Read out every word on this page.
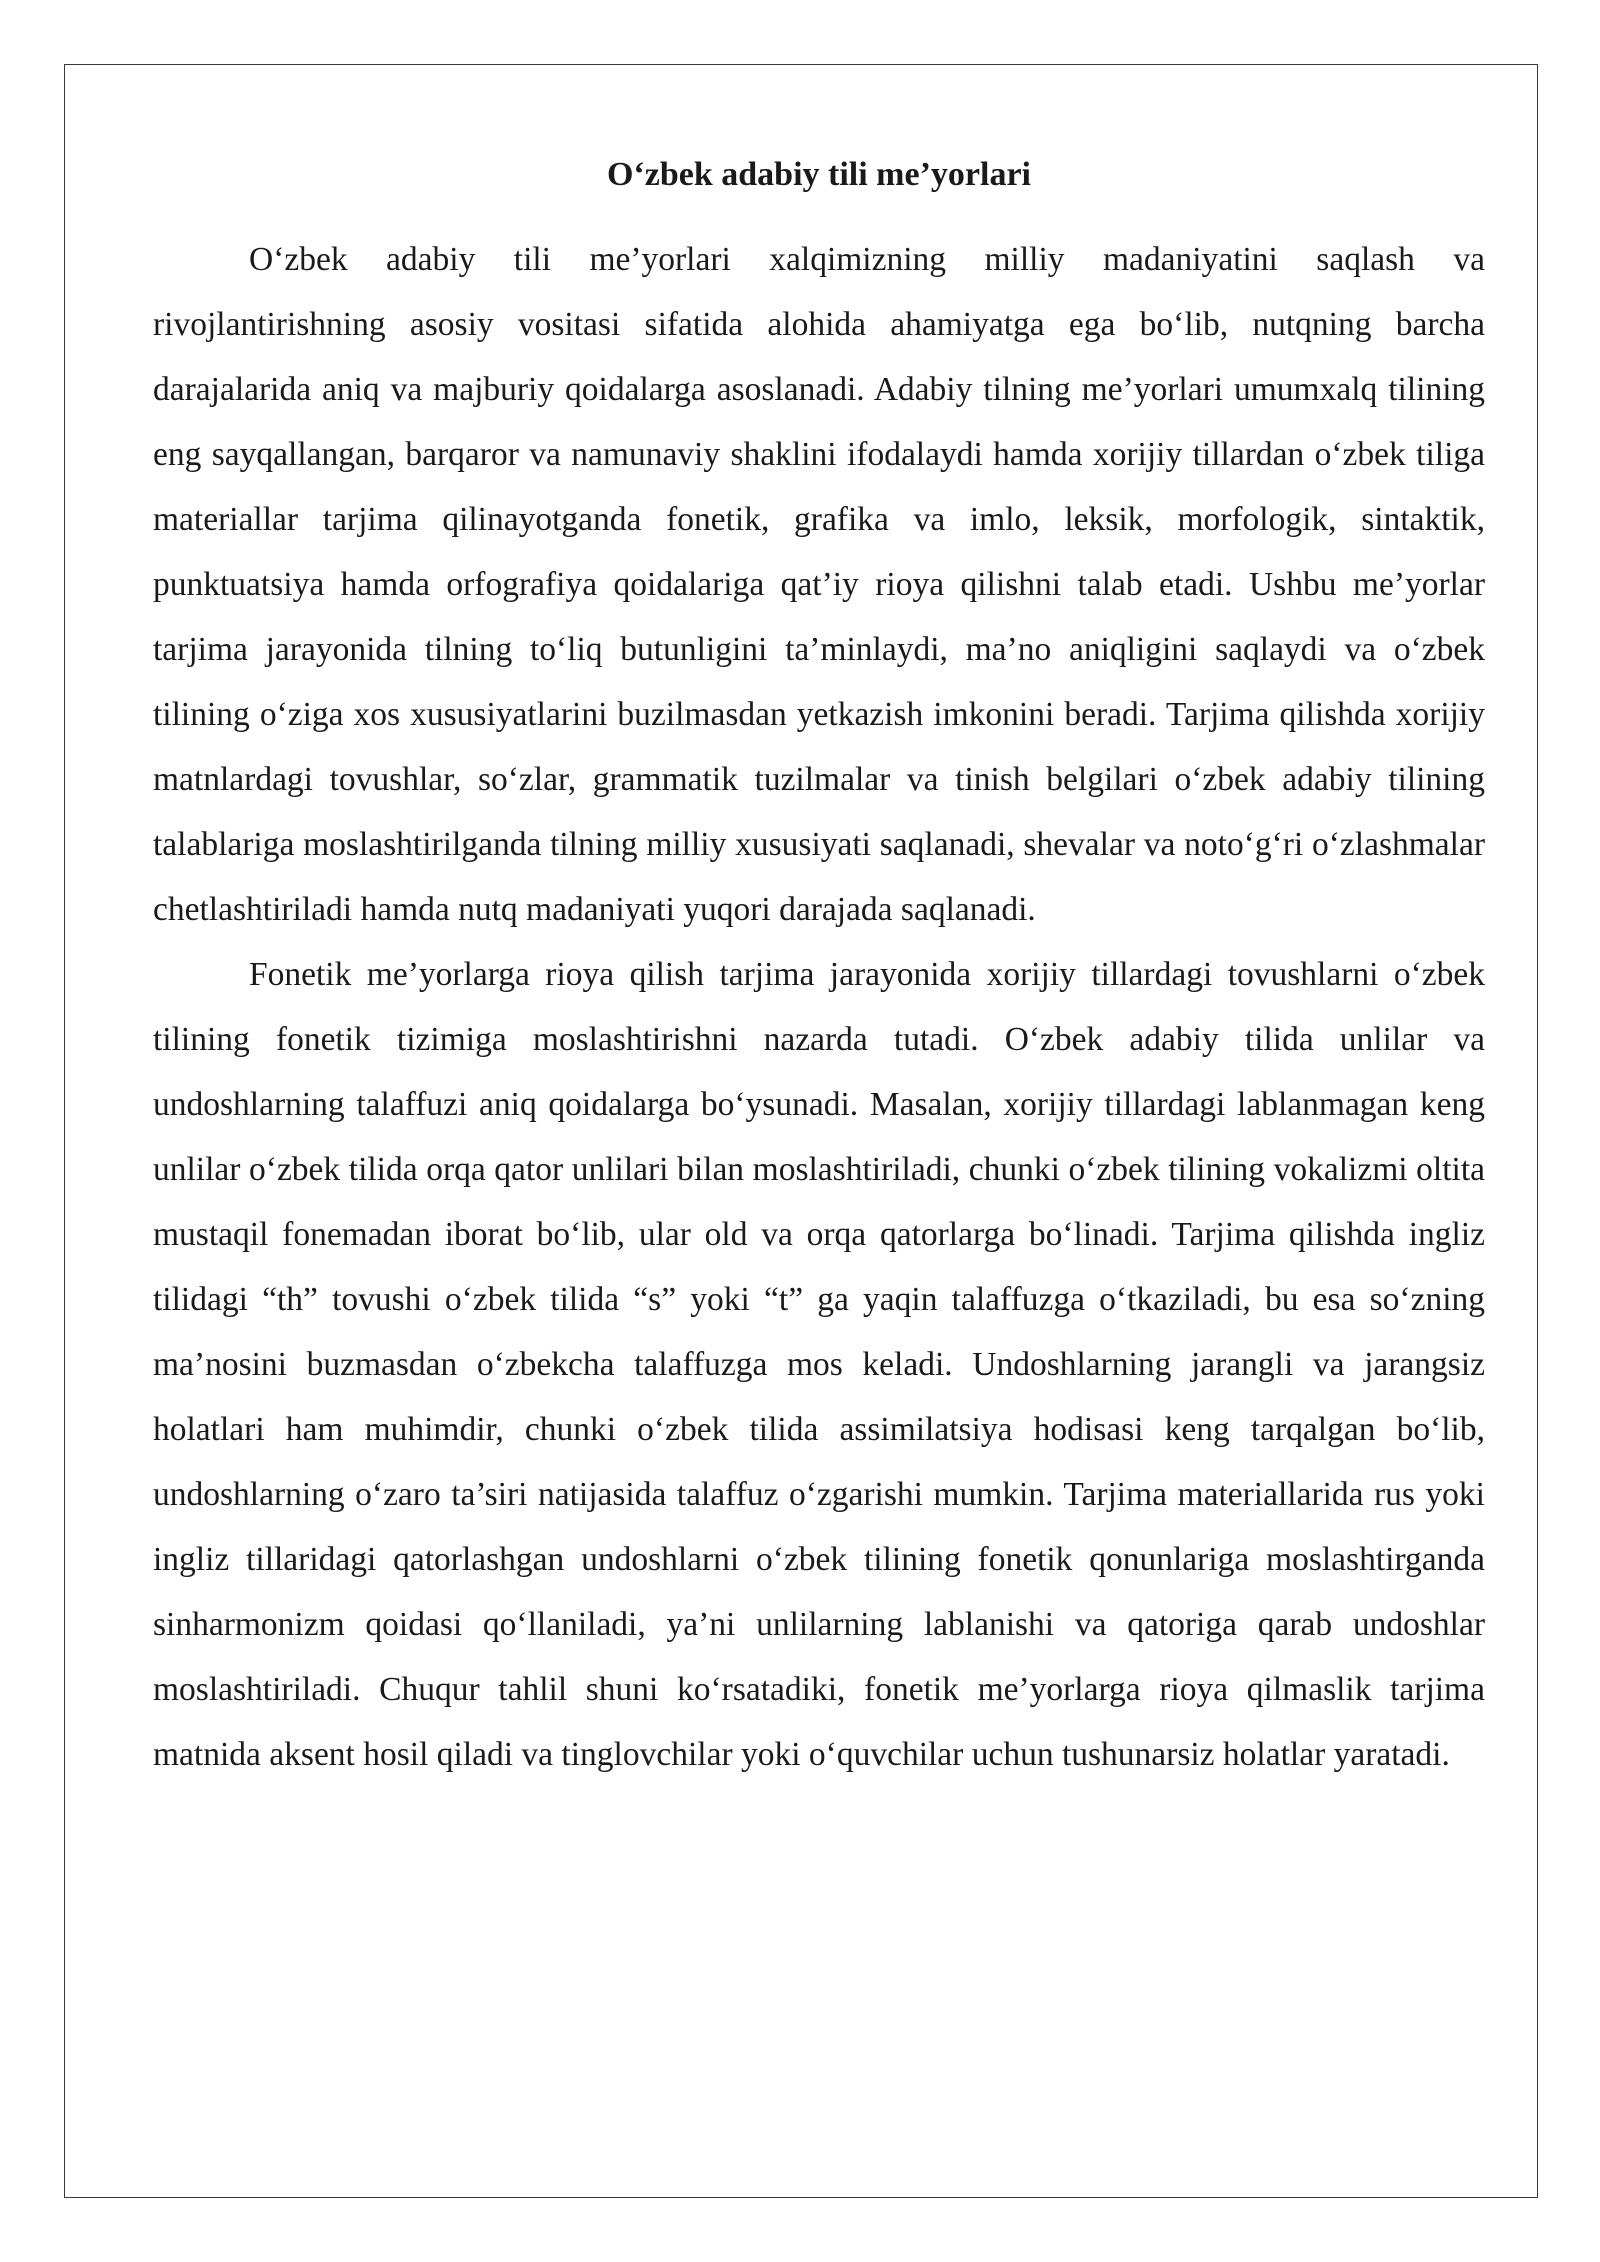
O‘zbek adabiy tili me’yorlari

O‘zbek adabiy tili me’yorlari xalqimizning milliy madaniyatini saqlash va rivojlantirishning asosiy vositasi sifatida alohida ahamiyatga ega bo‘lib, nutqning barcha darajalarida aniq va majburiy qoidalarga asoslanadi. Adabiy tilning me’yorlari umumxalq tilining eng sayqallangan, barqaror va namunaviy shaklini ifodalaydi hamda xorijiy tillardan o‘zbek tiliga materiallar tarjima qilinayotganda fonetik, grafika va imlo, leksik, morfologik, sintaktik, punktuatsiya hamda orfografiya qoidalariga qat’iy rioya qilishni talab etadi. Ushbu me’yorlar tarjima jarayonida tilning to‘liq butunligini ta’minlaydi, ma’no aniqligini saqlaydi va o‘zbek tilining o‘ziga xos xususiyatlarini buzilmasdan yetkazish imkonini beradi. Tarjima qilishda xorijiy matnlardagi tovushlar, so‘zlar, grammatik tuzilmalar va tinish belgilari o‘zbek adabiy tilining talablariga moslashtirilganda tilning milliy xususiyati saqlanadi, shevalar va noto‘g‘ri o‘zlashmalar chetlashtiriladi hamda nutq madaniyati yuqori darajada saqlanadi.

Fonetik me’yorlarga rioya qilish tarjima jarayonida xorijiy tillardagi tovushlarni o‘zbek tilining fonetik tizimiga moslashtirishni nazarda tutadi. O‘zbek adabiy tilida unlilar va undoshlarning talaffuzi aniq qoidalarga bo‘ysunadi. Masalan, xorijiy tillardagi lablanmagan keng unlilar o‘zbek tilida orqa qator unlilari bilan moslashtiriladi, chunki o‘zbek tilining vokalizmi oltita mustaqil fonemadan iborat bo‘lib, ular old va orqa qatorlarga bo‘linadi. Tarjima qilishda ingliz tilidagi “th” tovushi o‘zbek tilida “s” yoki “t” ga yaqin talaffuzga o‘tkaziladi, bu esa so‘zning ma’nosini buzmasdan o‘zbekcha talaffuzga mos keladi. Undoshlarning jarangli va jarangsiz holatlari ham muhimdir, chunki o‘zbek tilida assimilatsiya hodisasi keng tarqalgan bo‘lib, undoshlarning o‘zaro ta’siri natijasida talaffuz o‘zgarishi mumkin. Tarjima materiallarida rus yoki ingliz tillaridagi qatorlashgan undoshlarni o‘zbek tilining fonetik qonunlariga moslashtirganda sinharmonizm qoidasi qo‘llaniladi, ya’ni unlilarning lablanishi va qatoriga qarab undoshlar moslashtiriladi. Chuqur tahlil shuni ko‘rsatadiki, fonetik me’yorlarga rioya qilmaslik tarjima matnida aksent hosil qiladi va tinglovchilar yoki o‘quvchilar uchun tushunarsiz holatlar yaratadi.
